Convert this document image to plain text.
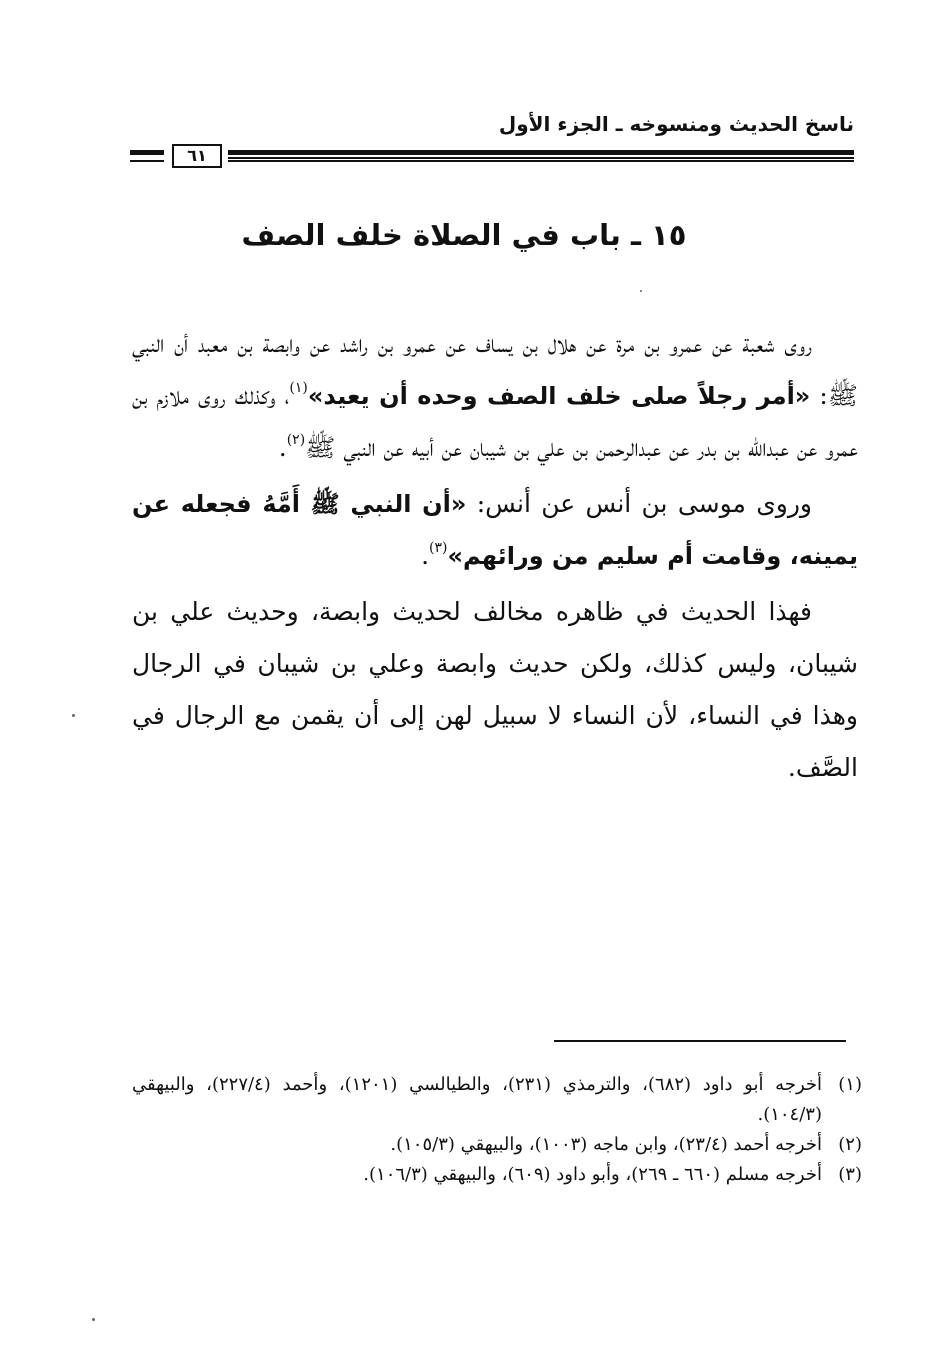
ناسخ الحديث ومنسوخه ـ الجزء الأول
٦١
١٥ ـ باب في الصلاة خلف الصف

روى شعبة عن عمرو بن مرة عن هلال بن يساف عن عمرو بن راشد عن وابصة بن معبد أن النبي ﷺ: «أمر رجلاً صلى خلف الصف وحده أن يعيد»$^{(١)}$، وكذلك روى ملازم بن عمرو عن عبدالله بن بدر عن عبدالرحمن بن علي بن شيبان عن أبيه عن النبي ﷺ$^{(٢)}$.

وروى موسى بن أنس عن أنس: «أن النبي ﷺ أَمَّهُ فجعله عن يمينه، وقامت أم سليم من ورائهم»$^{(٣)}$.

فهذا الحديث في ظاهره مخالف لحديث وابصة، وحديث علي بن شيبان، وليس كذلك، ولكن حديث وابصة وعلي بن شيبان في الرجال وهذا في النساء، لأن النساء لا سبيل لهن إلى أن يقمن مع الرجال في الصَّف.

(١)
أخرجه أبو داود (٦٨٢)، والترمذي (٢٣١)، والطيالسي (١٢٠١)، وأحمد (٢٢٧/٤)، والبيهقي (١٠٤/٣).
(٢)
أخرجه أحمد (٢٣/٤)، وابن ماجه (١٠٠٣)، والبيهقي (١٠٥/٣).
(٣)
أخرجه مسلم (٦٦٠ ـ ٢٦٩)، وأبو داود (٦٠٩)، والبيهقي (١٠٦/٣).
